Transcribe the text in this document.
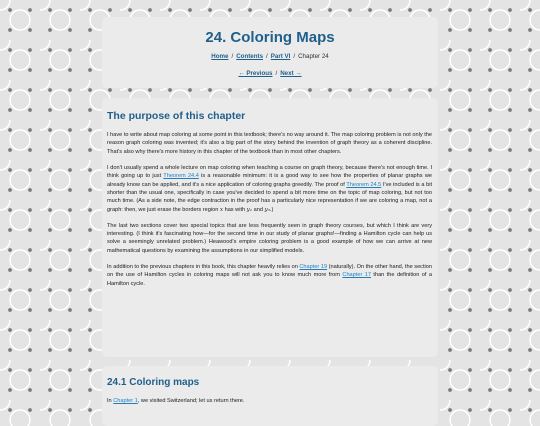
24. Coloring Maps
Home / Contents / Part VI / Chapter 24
← Previous / Next →
The purpose of this chapter

I have to write about map coloring at some point in this textbook; there's no way around it. The map coloring problem is not only the reason graph coloring was invented; it's also a big part of the story behind the invention of graph theory as a coherent discipline. That's also why there's more history in this chapter of the textbook than in most other chapters.

I don't usually spend a whole lecture on map coloring when teaching a course on graph theory, because there's not enough time. I think going up to just Theorem 24.4 is a reasonable minimum: it is a good way to see how the properties of planar graphs we already know can be applied, and it's a nice application of coloring graphs greedily. The proof of Theorem 24.5 I've included is a bit shorter than the usual one, specifically in case you've decided to spend a bit more time on the topic of map coloring, but not too much time. (As a side note, the edge contraction in the proof has a particularly nice representation if we are coloring a map, not a graph: then, we just erase the borders region x has with y₁ and y₃.)

The last two sections cover two special topics that are less frequently seen in graph theory courses, but which I think are very interesting. (I think it's fascinating how—for the second time in our study of planar graphs!—finding a Hamilton cycle can help us solve a seemingly unrelated problem.) Heawood's empire coloring problem is a good example of how we can arrive at new mathematical questions by examining the assumptions in our simplified models.

In addition to the previous chapters in this book, this chapter heavily relies on Chapter 19 (naturally). On the other hand, the section on the use of Hamilton cycles in coloring maps will not ask you to know much more from Chapter 17 than the definition of a Hamilton cycle.

24.1 Coloring maps

In Chapter 1, we visited Switzerland; let us return there.
